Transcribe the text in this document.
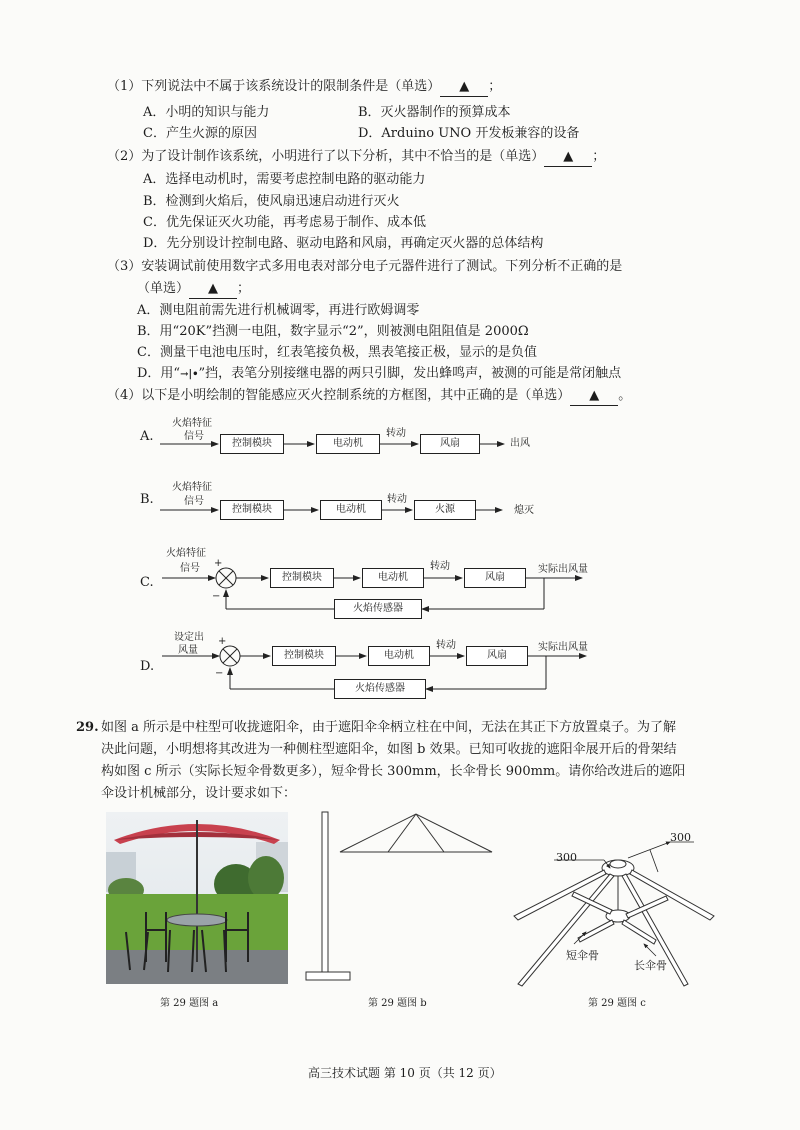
（1）下列说法中不属于该系统设计的限制条件是（单选） ▲ ；
A．小明的知识与能力	B．灭火器制作的预算成本
C．产生火源的原因	D．Arduino UNO 开发板兼容的设备
（2）为了设计制作该系统，小明进行了以下分析，其中不恰当的是（单选） ▲ ；
A．选择电动机时，需要考虑控制电路的驱动能力
B．检测到火焰后，使风扇迅速启动进行灭火
C．优先保证灭火功能，再考虑易于制作、成本低
D．先分别设计控制电路、驱动电路和风扇，再确定灭火器的总体结构
（3）安装调试前使用数字式多用电表对部分电子元器件进行了测试。下列分析不正确的是
（单选） ▲ ；
A．测电阻前需先进行机械调零，再进行欧姆调零
B．用“20K”挡测一电阻，数字显示“2”，则被测电阻阻值是 2000Ω
C．测量干电池电压时，红表笔接负极，黑表笔接正极，显示的是负值
D．用“→|•”挡，表笔分别接继电器的两只引脚，发出蜂鸣声，被测的可能是常闭触点
（4）以下是小明绘制的智能感应灭火控制系统的方框图，其中正确的是（单选） ▲ 。
A.
火焰特征
信号
控制模块	电动机
转动
风扇	出风
B.
火焰特征
信号
控制模块	电动机
转动
火源	熄灭
C.
火焰特征
信号 +
−
控制模块	电动机
转动
风扇
实际出风量
火焰传感器
D.
设定出
风量
+
−
控制模块	电动机
转动
风扇
实际出风量
火焰传感器
29. 如图 a 所示是中柱型可收拢遮阳伞，由于遮阳伞伞柄立柱在中间，无法在其正下方放置桌子。为了解
决此问题，小明想将其改进为一种侧柱型遮阳伞，如图 b 效果。已知可收拢的遮阳伞展开后的骨架结
构如图 c 所示（实际长短伞骨数更多），短伞骨长 300mm，长伞骨长 900mm。请你给改进后的遮阳
伞设计机械部分，设计要求如下：
第 29 题图 a	第 29 题图 b
300
300
短伞骨
长伞骨
第 29 题图 c
高三技术试题 第 10 页（共 12 页）
